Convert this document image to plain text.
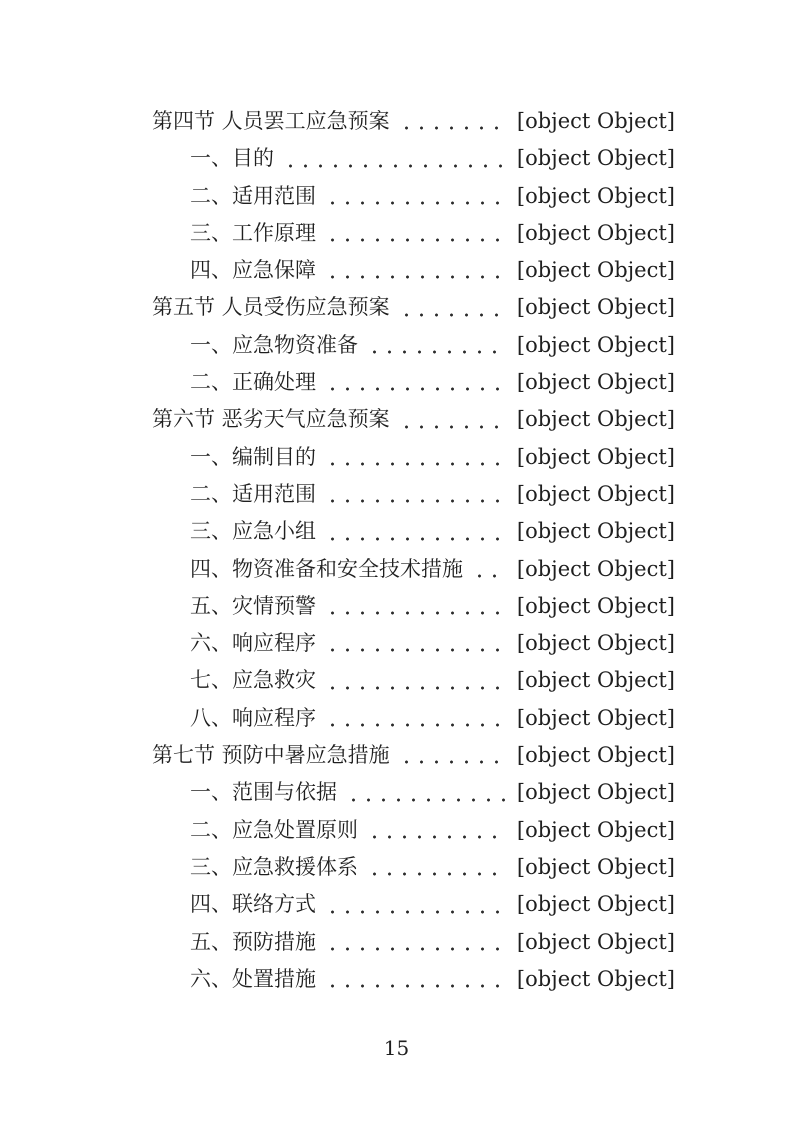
第四节 人员罢工应急预案	[object Object]
一、目的	[object Object]
二、适用范围	[object Object]
三、工作原理	[object Object]
四、应急保障	[object Object]
第五节 人员受伤应急预案	[object Object]
一、应急物资准备	[object Object]
二、正确处理	[object Object]
第六节 恶劣天气应急预案	[object Object]
一、编制目的	[object Object]
二、适用范围	[object Object]
三、应急小组	[object Object]
四、物资准备和安全技术措施	[object Object]
五、灾情预警	[object Object]
六、响应程序	[object Object]
七、应急救灾	[object Object]
八、响应程序	[object Object]
第七节 预防中暑应急措施	[object Object]
一、范围与依据	[object Object]
二、应急处置原则	[object Object]
三、应急救援体系	[object Object]
四、联络方式	[object Object]
五、预防措施	[object Object]
六、处置措施	[object Object]
15
